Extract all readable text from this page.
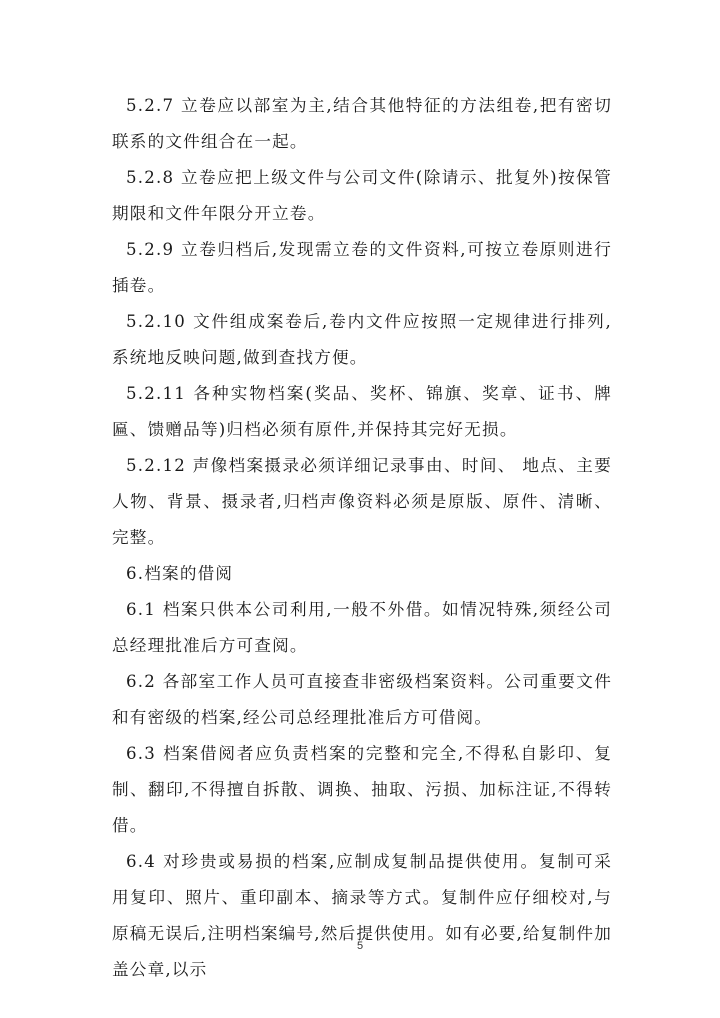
5.2.7 立卷应以部室为主,结合其他特征的方法组卷,把有密切联系的文件组合在一起。

5.2.8 立卷应把上级文件与公司文件(除请示、批复外)按保管期限和文件年限分开立卷。

5.2.9 立卷归档后,发现需立卷的文件资料,可按立卷原则进行插卷。

5.2.10 文件组成案卷后,卷内文件应按照一定规律进行排列,系统地反映问题,做到查找方便。

5.2.11 各种实物档案(奖品、奖杯、锦旗、奖章、证书、牌匾、馈赠品等)归档必须有原件,并保持其完好无损。

5.2.12 声像档案摄录必须详细记录事由、时间、 地点、主要人物、背景、摄录者,归档声像资料必须是原版、原件、清晰、完整。

6.档案的借阅

6.1 档案只供本公司利用,一般不外借。如情况特殊,须经公司总经理批准后方可查阅。

6.2 各部室工作人员可直接查非密级档案资料。公司重要文件和有密级的档案,经公司总经理批准后方可借阅。

6.3 档案借阅者应负责档案的完整和完全,不得私自影印、复制、翻印,不得擅自拆散、调换、抽取、污损、加标注证,不得转借。

6.4 对珍贵或易损的档案,应制成复制品提供使用。复制可采用复印、照片、重印副本、摘录等方式。复制件应仔细校对,与原稿无误后,注明档案编号,然后提供使用。如有必要,给复制件加盖公章,以示

5
